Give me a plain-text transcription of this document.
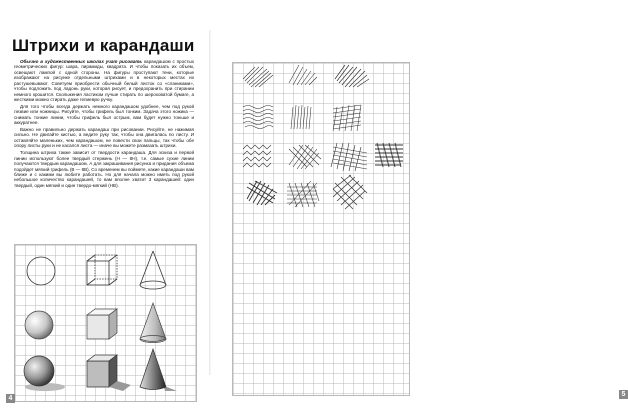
Штрихи и карандаши

Обычно в художественных школах учат рисовать карандашом с простых геометрических фигур: шара, пирамиды, квадрата. И чтобы показать их объем, освещают лампой с одной стороны. На фигуры проступают тени, которые изображают на рисунке отдельными штрихами и в некоторых местах их растушевывают. Советуем приобрести обычный белый листок со «сланиками», чтобы подложить под ладонь руки, которая рисует, и предохранить при стирании немного крошится. Скольжения ластиком лучше стирать по шероховатой бумаге, а жесткими можно стирать даже гелиевую ручку.

Для того чтобы всегда держать немного карандашом удобнее, чем под рукой лезвие или ножницы. Рисуйте, чтобы грифель был тонким. Задача этого ножика — снимать тонкие линии, чтобы грифель был острым, вам будет нужно тоньше и аккуратнее.

Важно не правильно держать карандаш при рисовании. Рисуйте, не нажимая сильно. Не двигайте кистью, а ведите руку так, чтобы она двигалась по листу. И оставляйте маленьких, чем карандашом, не повести свои пальцы, так чтобы обе опору листы руки и не касался листа — иначе вы можете размазать штрихи.

Толщина штриха также зависит от твердости карандаша. Для эскиза и первой линии используют более твердый стержень (H — 8H), т.е. самые сухие линии получаются твердым карандашом. А для закрашивания рисунка и придания объема подойдет мягкий грифель (В — 8В). Со временем вы поймете, какие карандаши вам ближе и с какими вы любите работать. Но для начала можно иметь под рукой небольшое количество карандашей, то вам вполне хватит 3 карандашей: один твердый, один мягкий и один твердо-мягкий (HB).

4
5
